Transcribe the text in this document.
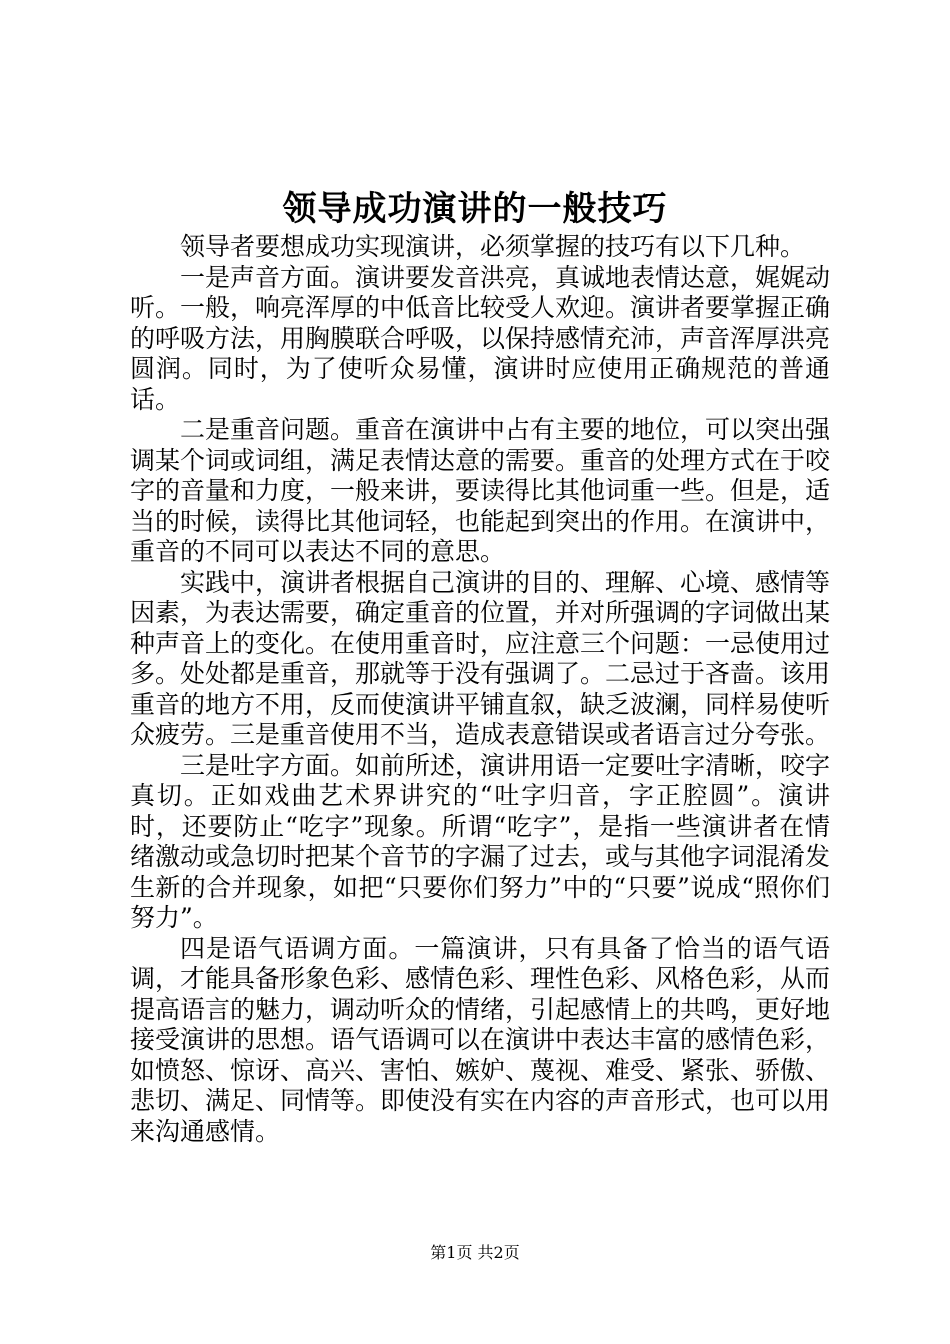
领导成功演讲的一般技巧

领导者要想成功实现演讲，必须掌握的技巧有以下几种。

一是声音方面。演讲要发音洪亮，真诚地表情达意，娓娓动听。一般，响亮浑厚的中低音比较受人欢迎。演讲者要掌握正确的呼吸方法，用胸膜联合呼吸，以保持感情充沛，声音浑厚洪亮圆润。同时，为了使听众易懂，演讲时应使用正确规范的普通话。

二是重音问题。重音在演讲中占有主要的地位，可以突出强调某个词或词组，满足表情达意的需要。重音的处理方式在于咬字的音量和力度，一般来讲，要读得比其他词重一些。但是，适当的时候，读得比其他词轻，也能起到突出的作用。在演讲中，重音的不同可以表达不同的意思。

实践中，演讲者根据自己演讲的目的、理解、心境、感情等因素，为表达需要，确定重音的位置，并对所强调的字词做出某种声音上的变化。在使用重音时，应注意三个问题：一忌使用过多。处处都是重音，那就等于没有强调了。二忌过于吝啬。该用重音的地方不用，反而使演讲平铺直叙，缺乏波澜，同样易使听众疲劳。三是重音使用不当，造成表意错误或者语言过分夸张。

三是吐字方面。如前所述，演讲用语一定要吐字清晰，咬字真切。正如戏曲艺术界讲究的“吐字归音，字正腔圆”。演讲时，还要防止“吃字”现象。所谓“吃字”，是指一些演讲者在情绪激动或急切时把某个音节的字漏了过去，或与其他字词混淆发生新的合并现象，如把“只要你们努力”中的“只要”说成“照你们努力”。

四是语气语调方面。一篇演讲，只有具备了恰当的语气语调，才能具备形象色彩、感情色彩、理性色彩、风格色彩，从而提高语言的魅力，调动听众的情绪，引起感情上的共鸣，更好地接受演讲的思想。语气语调可以在演讲中表达丰富的感情色彩，如愤怒、惊讶、高兴、害怕、嫉妒、蔑视、难受、紧张、骄傲、悲切、满足、同情等。即使没有实在内容的声音形式，也可以用来沟通感情。

第1页 共2页
